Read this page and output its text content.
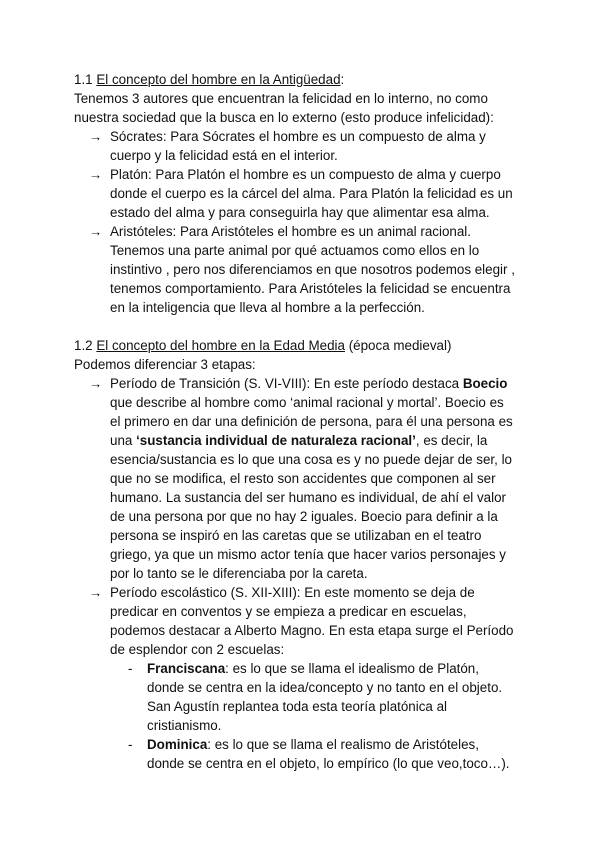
1.1 El concepto del hombre en la Antigüedad:
Tenemos 3 autores que encuentran la felicidad en lo interno, no como
nuestra sociedad que la busca en lo externo (esto produce infelicidad):
→ Sócrates: Para Sócrates el hombre es un compuesto de alma y
cuerpo y la felicidad está en el interior.
→ Platón: Para Platón el hombre es un compuesto de alma y cuerpo
donde el cuerpo es la cárcel del alma. Para Platón la felicidad es un
estado del alma y para conseguirla hay que alimentar esa alma.
→ Aristóteles: Para Aristóteles el hombre es un animal racional.
Tenemos una parte animal por qué actuamos como ellos en lo
instintivo , pero nos diferenciamos en que nosotros podemos elegir ,
tenemos comportamiento. Para Aristóteles la felicidad se encuentra
en la inteligencia que lleva al hombre a la perfección.
1.2 El concepto del hombre en la Edad Media (época medieval)
Podemos diferenciar 3 etapas:
→ Período de Transición (S. VI-VIII): En este período destaca Boecio
que describe al hombre como ‘animal racional y mortal’. Boecio es
el primero en dar una definición de persona, para él una persona es
una ‘sustancia individual de naturaleza racional’, es decir, la
esencia/sustancia es lo que una cosa es y no puede dejar de ser, lo
que no se modifica, el resto son accidentes que componen al ser
humano. La sustancia del ser humano es individual, de ahí el valor
de una persona por que no hay 2 iguales. Boecio para definir a la
persona se inspiró en las caretas que se utilizaban en el teatro
griego, ya que un mismo actor tenía que hacer varios personajes y
por lo tanto se le diferenciaba por la careta.
→ Período escolástico (S. XII-XIII): En este momento se deja de
predicar en conventos y se empieza a predicar en escuelas,
podemos destacar a Alberto Magno. En esta etapa surge el Período
de esplendor con 2 escuelas:
- Franciscana: es lo que se llama el idealismo de Platón,
donde se centra en la idea/concepto y no tanto en el objeto.
San Agustín replantea toda esta teoría platónica al
cristianismo.
- Dominica: es lo que se llama el realismo de Aristóteles,
donde se centra en el objeto, lo empírico (lo que veo,toco…).
